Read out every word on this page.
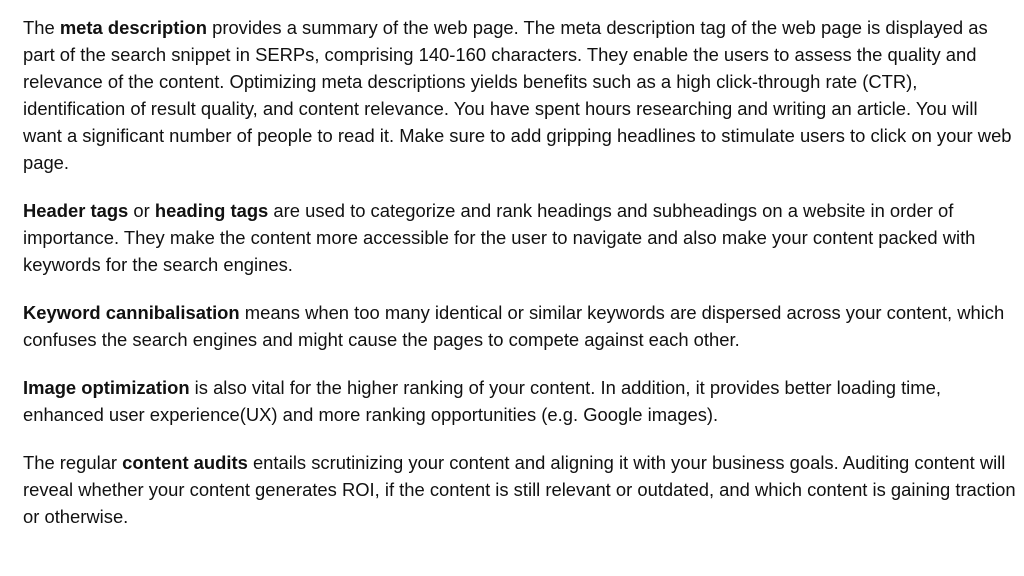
The meta description provides a summary of the web page. The meta description tag of the web page is displayed as part of the search snippet in SERPs, comprising 140-160 characters. They enable the users to assess the quality and relevance of the content. Optimizing meta descriptions yields benefits such as a high click-through rate (CTR), identification of result quality, and content relevance. You have spent hours researching and writing an article. You will want a significant number of people to read it. Make sure to add gripping headlines to stimulate users to click on your web page.

Header tags or heading tags are used to categorize and rank headings and subheadings on a website in order of importance. They make the content more accessible for the user to navigate and also make your content packed with keywords for the search engines.

Keyword cannibalisation means when too many identical or similar keywords are dispersed across your content, which confuses the search engines and might cause the pages to compete against each other.

Image optimization is also vital for the higher ranking of your content. In addition, it provides better loading time, enhanced user experience(UX) and more ranking opportunities (e.g. Google images).

The regular content audits entails scrutinizing your content and aligning it with your business goals. Auditing content will reveal whether your content generates ROI, if the content is still relevant or outdated, and which content is gaining traction or otherwise.
